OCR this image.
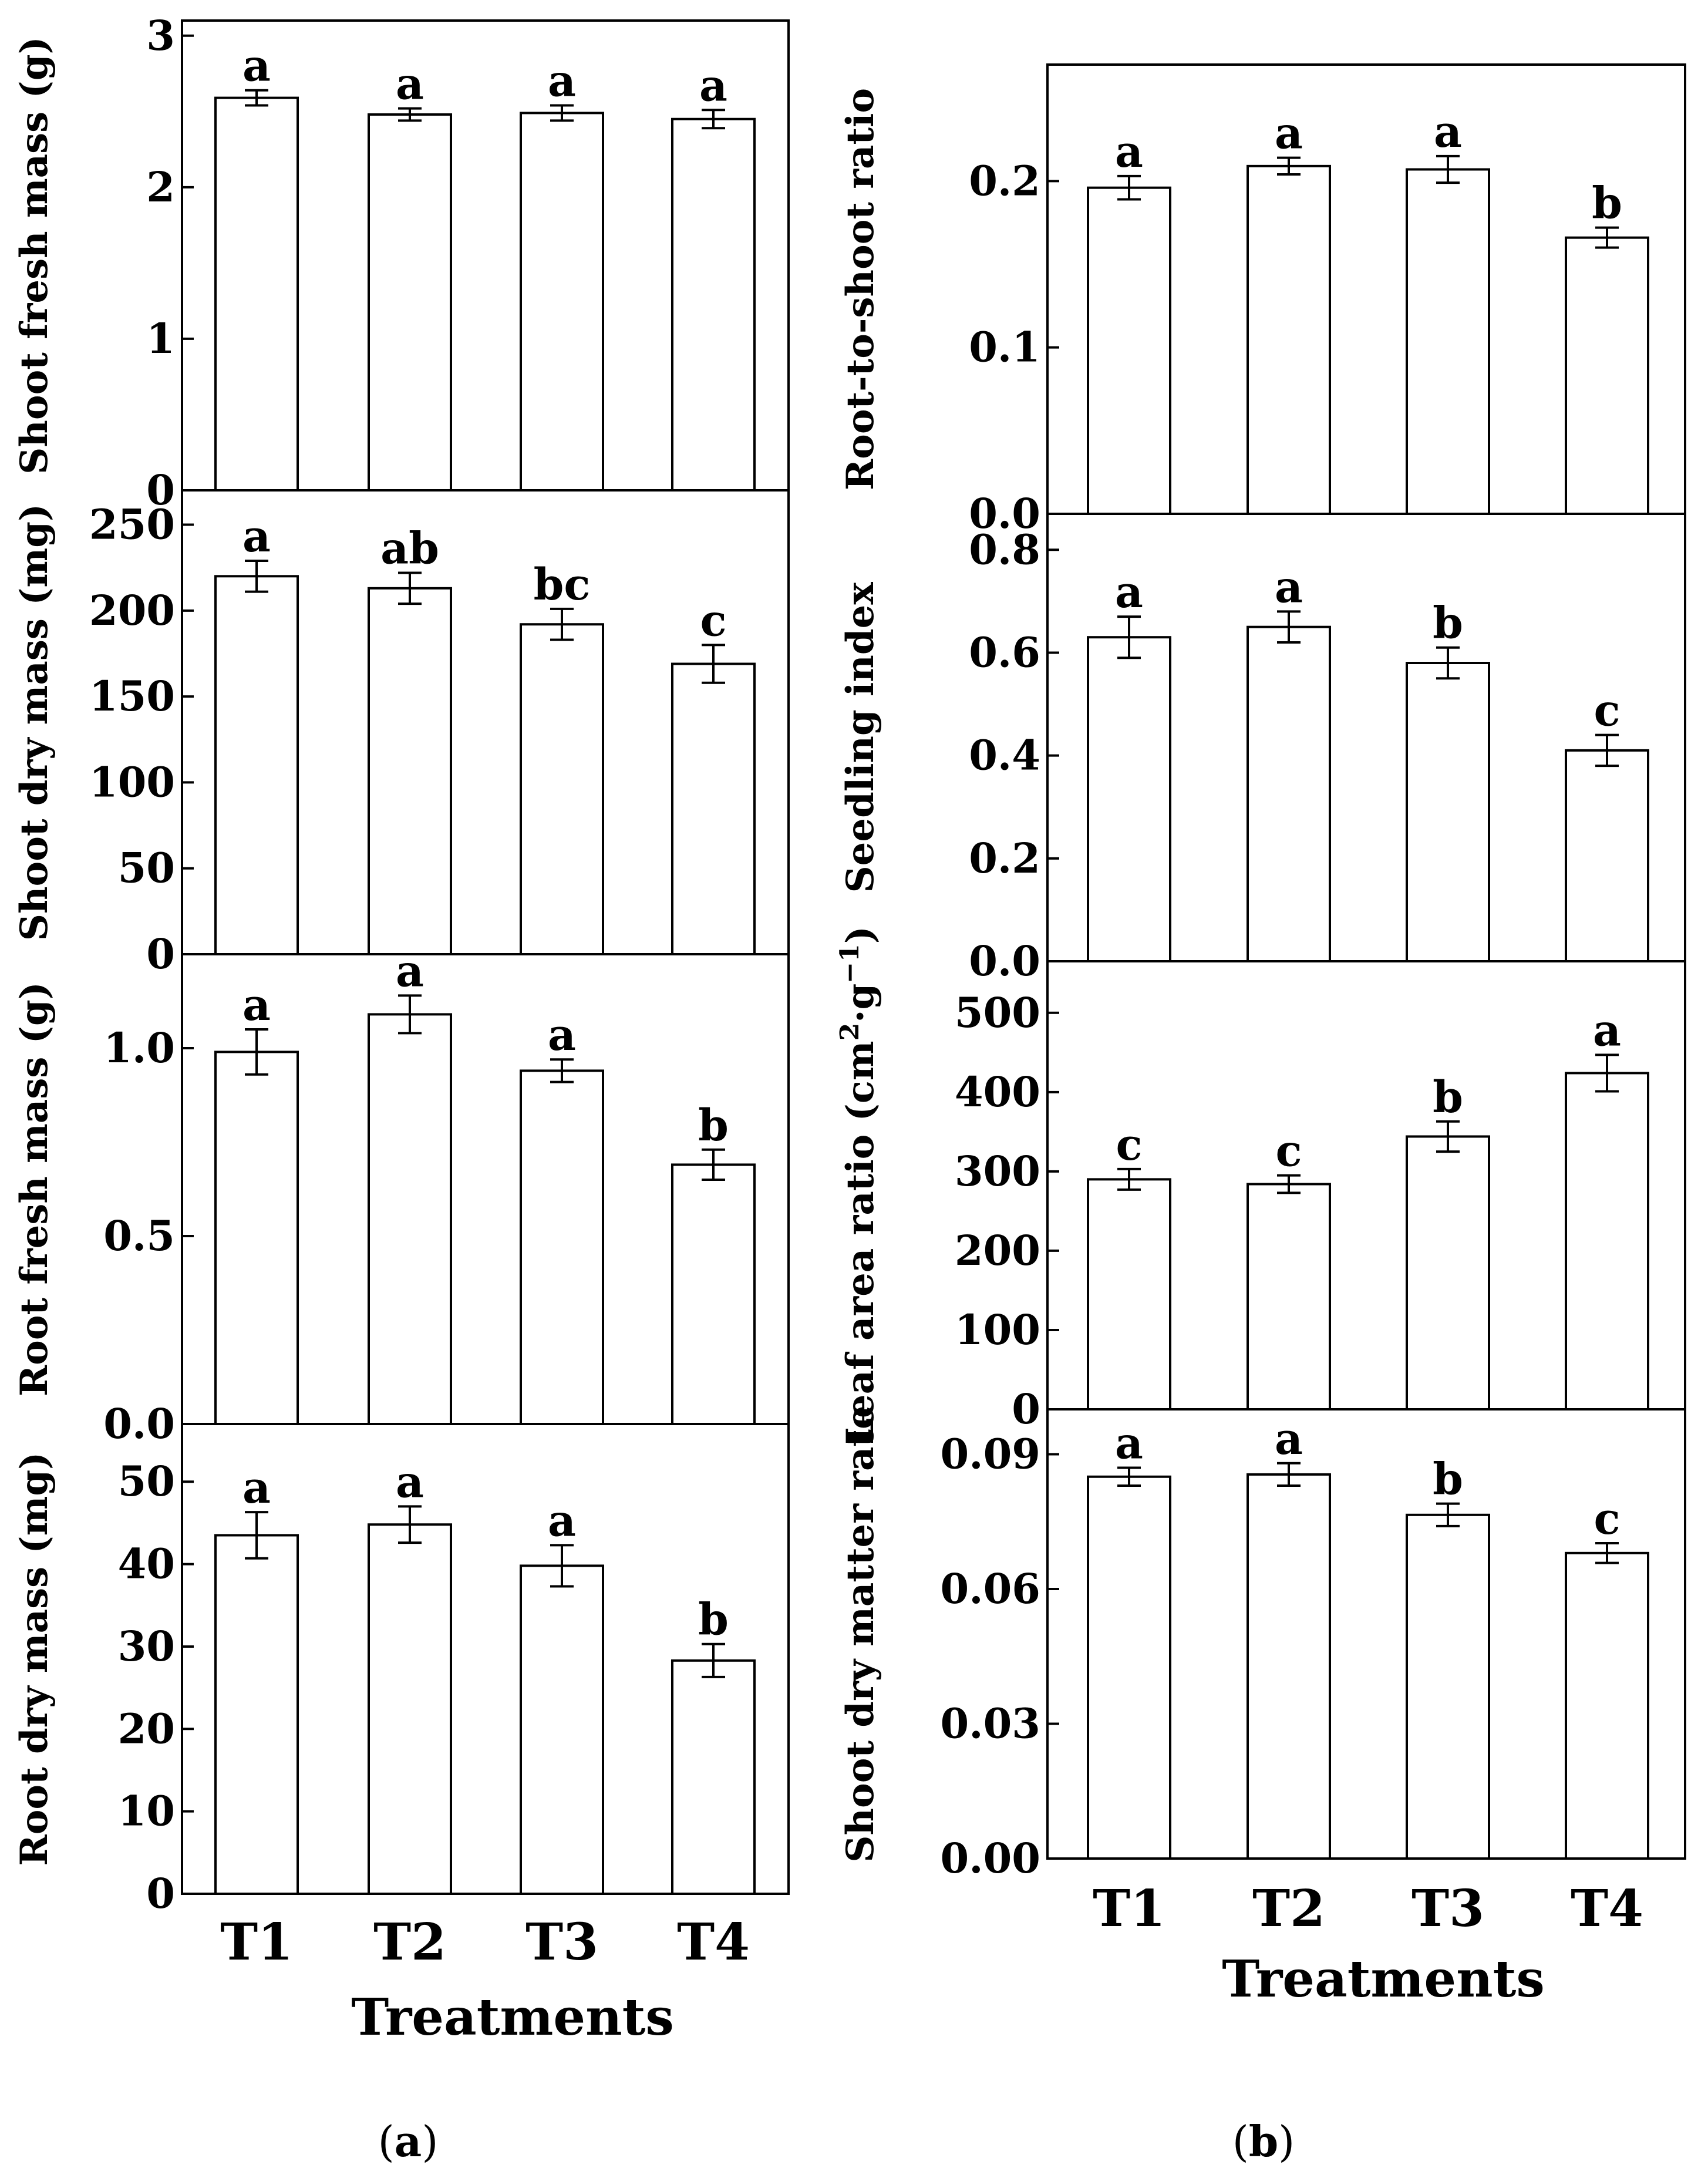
0
1
2
3
Shoot fresh mass (g)	a	a	a	a
0
50
100
150
200
250
Shoot dry mass (mg)	a	ab
bc
c
0.0
0.5
1.0
Root fresh mass (g)	a
a
a
b
0
10
20
30
40
50
Root dry mass (mg)	a	a
a
b
0.0
0.1
0.2
Root-to-shoot ratio	a	a	a
b
0.0
0.2
0.4
0.6
0.8
Seedling index	a	a
b
c
0
100
200
300
400
500
Leaf area ratio $(cm^2\cdot g^{-1})$
c	c
b
a
0.00
0.03
0.06
0.09
Shoot dry matter rate	a	a
b
c
T1 T2 T3 T4
Treatments
T1 T2 T3 T4
Treatments
(a)	(b)
